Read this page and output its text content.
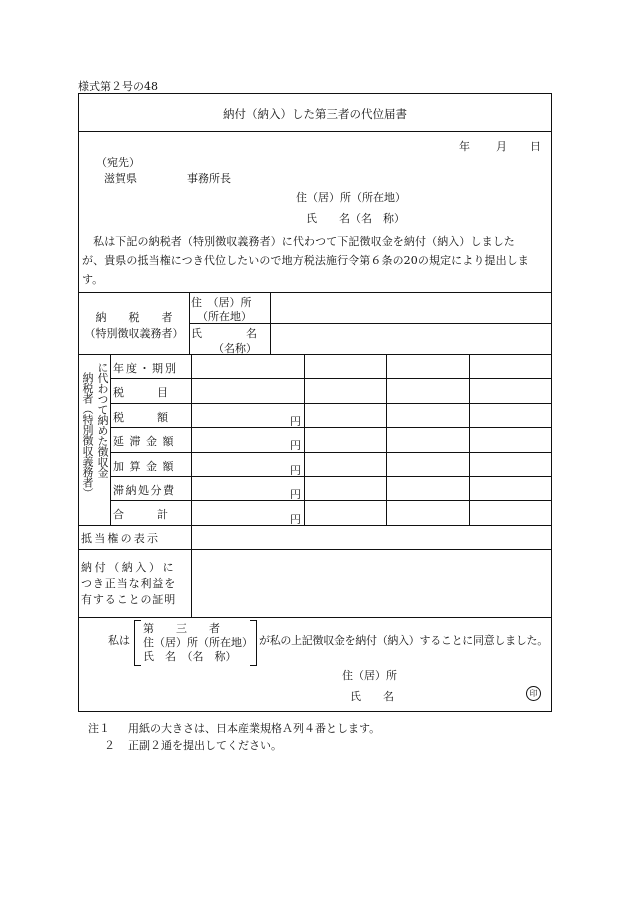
様式第２号の48
納付（納入）した第三者の代位届書
年 月 日
（宛先）
滋賀県	事務所長
住（居）所（所在地）
氏　　名（名　称）
　私は下記の納税者（特別徴収義務者）に代わつて下記徴収金を納付（納入）しました
が、貴県の抵当権につき代位したいので地方税法施行令第６条の20の規定により提出しま
す。
納　　税　　者
（特別徴収義務者）
住　（居）所
（所在地）
氏　　　　名
（名称）
納税者（特別徴収義務者） に代わつて納めた徴収金 年度・期別
税　　　目
税　　　額
延 滞 金 額
加 算 金 額
滞納処分費
合　　　計
円
円
円
円
円
抵当権の表示
納付（納入）に
つき正当な利益を
有することの証明
私は
第　　三　　者
住（居）所（所在地）
氏　名　（名　称）
が私の上記徴収金を納付（納入）することに同意しました。
住（居）所
氏　　名	印
注１ 用紙の大きさは、日本産業規格Ａ列４番とします。
２ 正副２通を提出してください。
